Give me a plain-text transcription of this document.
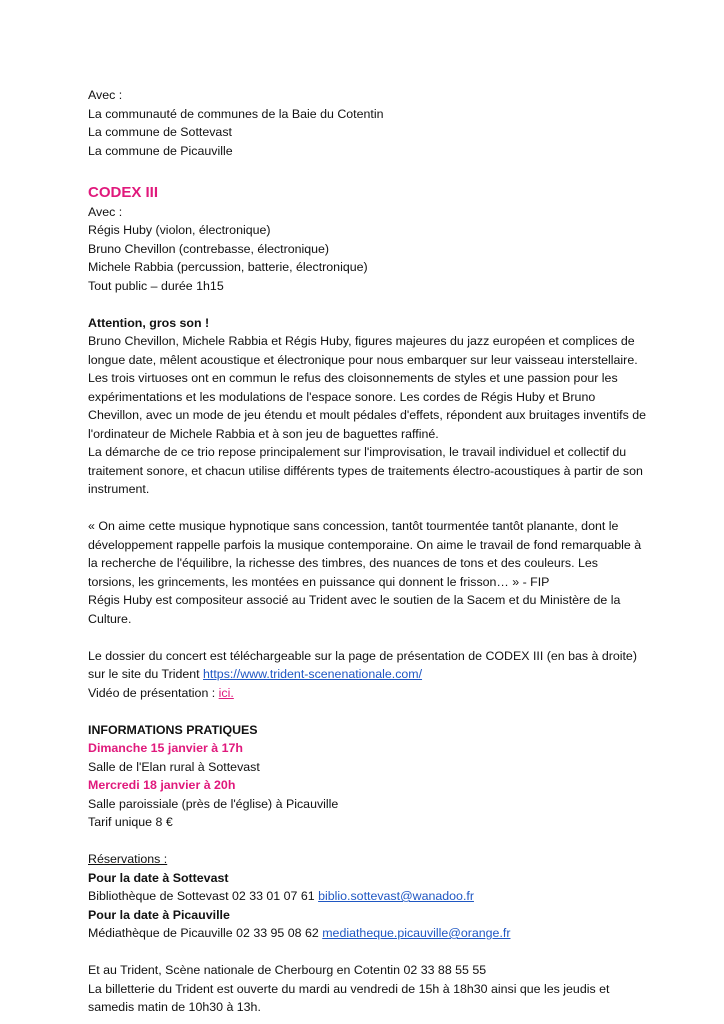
Avec :
La communauté de communes de la Baie du Cotentin
La commune de Sottevast
La commune de Picauville
CODEX III
Avec :
Régis Huby (violon, électronique)
Bruno Chevillon (contrebasse, électronique)
Michele Rabbia (percussion, batterie, électronique)
Tout public – durée 1h15
Attention, gros son !
Bruno Chevillon, Michele Rabbia et Régis Huby, figures majeures du jazz européen et complices de longue date, mêlent acoustique et électronique pour nous embarquer sur leur vaisseau interstellaire.
Les trois virtuoses ont en commun le refus des cloisonnements de styles et une passion pour les expérimentations et les modulations de l'espace sonore. Les cordes de Régis Huby et Bruno Chevillon, avec un mode de jeu étendu et moult pédales d'effets, répondent aux bruitages inventifs de l'ordinateur de Michele Rabbia et à son jeu de baguettes raffiné.
La démarche de ce trio repose principalement sur l'improvisation, le travail individuel et collectif du traitement sonore, et chacun utilise différents types de traitements électro-acoustiques à partir de son instrument.
« On aime cette musique hypnotique sans concession, tantôt tourmentée tantôt planante, dont le développement rappelle parfois la musique contemporaine. On aime le travail de fond remarquable à la recherche de l'équilibre, la richesse des timbres, des nuances de tons et des couleurs. Les torsions, les grincements, les montées en puissance qui donnent le frisson… » - FIP
Régis Huby est compositeur associé au Trident avec le soutien de la Sacem et du Ministère de la Culture.
Le dossier du concert est téléchargeable sur la page de présentation de CODEX III (en bas à droite) sur le site du Trident https://www.trident-scenenationale.com/
Vidéo de présentation : ici.
INFORMATIONS PRATIQUES
Dimanche 15 janvier à 17h
Salle de l'Elan rural à Sottevast
Mercredi 18 janvier à 20h
Salle paroissiale (près de l'église) à Picauville
Tarif unique 8 €
Réservations :
Pour la date à Sottevast
Bibliothèque de Sottevast 02 33 01 07 61 biblio.sottevast@wanadoo.fr
Pour la date à Picauville
Médiathèque de Picauville 02 33 95 08 62 mediatheque.picauville@orange.fr
Et au Trident, Scène nationale de Cherbourg en Cotentin 02 33 88 55 55
La billetterie du Trident est ouverte du mardi au vendredi de 15h à 18h30 ainsi que les jeudis et samedis matin de 10h30 à 13h.
